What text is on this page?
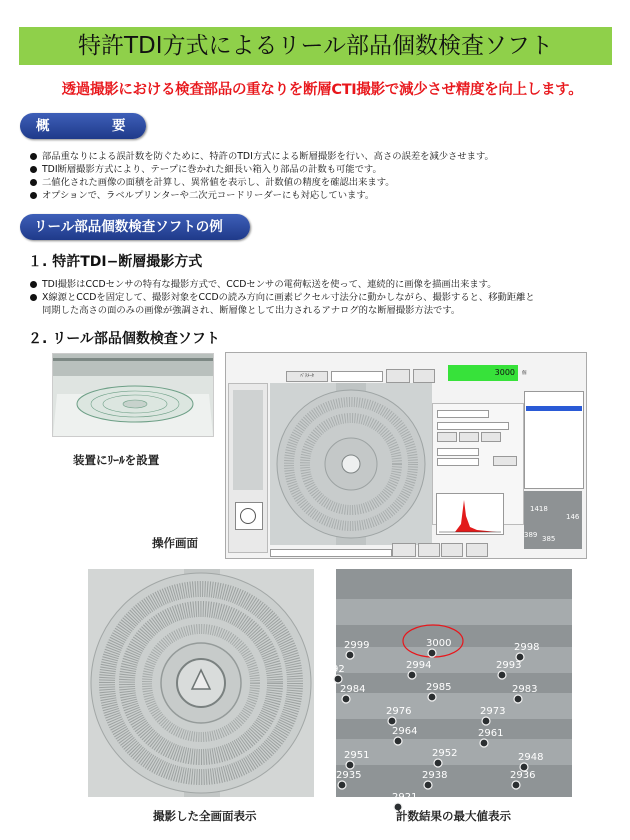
特許TDI方式によるリール部品個数検査ソフト
透過撮影における検査部品の重なりを断層CTI撮影で減少させ精度を向上します。
概	要
部品重なりによる誤計数を防ぐために、特許のTDI方式による断層撮影を行い、高さの誤差を減少させます。
TDI断層撮影方式により、テープに巻かれた細長い箱入り部品の計数も可能です。
二値化された画像の面積を計算し、異常値を表示し、計数値の精度を確認出来ます。
オプションで、ラベルプリンターや二次元コードリーダーにも対応しています。
リール部品個数検査ソフトの例
１. 特許TDI−断層撮影方式
TDI撮影はCCDセンサの特有な撮影方式で、CCDセンサの電荷転送を使って、連続的に画像を描画出来ます。
X線源とCCDを固定して、撮影対象をCCDの読み方向に画素ピクセル寸法分に動かしながら、撮影すると、移動距離と
同期した高さの面のみの画像が強調され、断層像として出力されるアナログ的な断層撮影方法です。
２. リール部品個数検査ソフト
装置にﾘｰﾙを設置
操作画面
ﾊﾟﾗﾒｰﾀ	3000	個
1418
146
389 385
撮影した全画面表示
2999	3000	2998
2994	2993
2984	2985	2983
2976	2973
2964	2961
2952
2951	2948
2938	2936
2935
2921
92
計数結果の最大値表示
